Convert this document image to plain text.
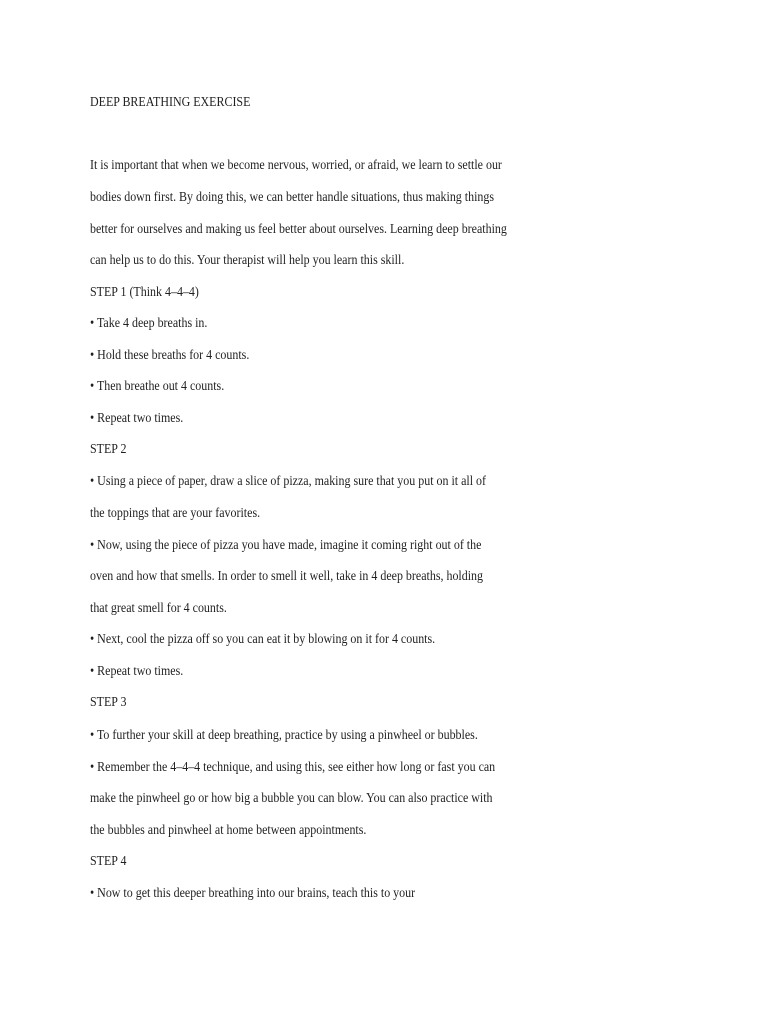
DEEP BREATHING EXERCISE
It is important that when we become nervous, worried, or afraid, we learn to settle our
bodies down first. By doing this, we can better handle situations, thus making things
better for ourselves and making us feel better about ourselves. Learning deep breathing
can help us to do this. Your therapist will help you learn this skill.
STEP 1 (Think 4–4–4)
• Take 4 deep breaths in.
• Hold these breaths for 4 counts.
• Then breathe out 4 counts.
• Repeat two times.
STEP 2
• Using a piece of paper, draw a slice of pizza, making sure that you put on it all of
the toppings that are your favorites.
• Now, using the piece of pizza you have made, imagine it coming right out of the
oven and how that smells. In order to smell it well, take in 4 deep breaths, holding
that great smell for 4 counts.
• Next, cool the pizza off so you can eat it by blowing on it for 4 counts.
• Repeat two times.
STEP 3
• To further your skill at deep breathing, practice by using a pinwheel or bubbles.
• Remember the 4–4–4 technique, and using this, see either how long or fast you can
make the pinwheel go or how big a bubble you can blow. You can also practice with
the bubbles and pinwheel at home between appointments.
STEP 4
• Now to get this deeper breathing into our brains, teach this to your
